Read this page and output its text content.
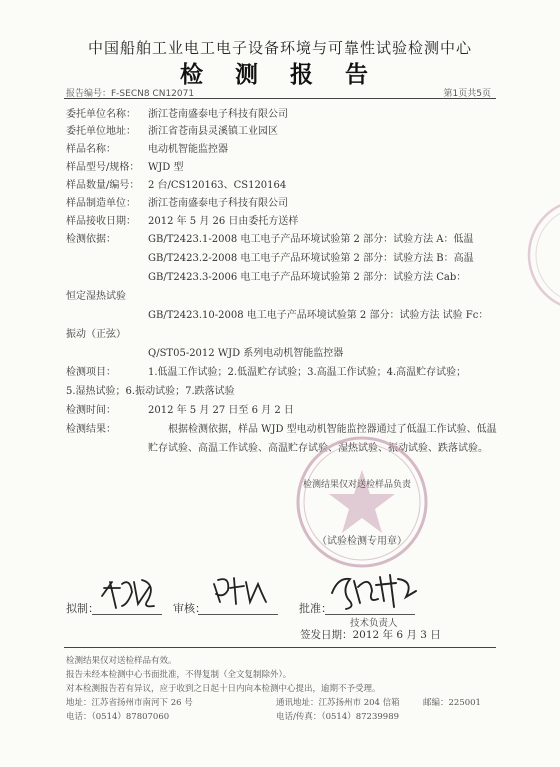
中国船舶工业电工电子设备环境与可靠性试验检测中心
检 测 报 告
报告编号：F-SECN8 CN12071	第1页共5页
委托单位名称： 浙江苍南盛泰电子科技有限公司
委托单位地址： 浙江省苍南县灵溪镇工业园区
样品名称：	电动机智能监控器
样品型号/规格： WJD 型
样品数量/编号： 2 台/CS120163、CS120164
样品制造单位： 浙江苍南盛泰电子科技有限公司
样品接收日期： 2012 年 5 月 26 日由委托方送样
检测依据：	GB/T2423.1-2008 电工电子产品环境试验第 2 部分：试验方法 A：低温
GB/T2423.2-2008 电工电子产品环境试验第 2 部分：试验方法 B：高温
GB/T2423.3-2006 电工电子产品环境试验第 2 部分：试验方法 Cab：
恒定湿热试验
GB/T2423.10-2008 电工电子产品环境试验第 2 部分：试验方法 试验 Fc：
振动（正弦）
Q/ST05-2012 WJD 系列电动机智能监控器
检测项目：	1.低温工作试验；2.低温贮存试验；3.高温工作试验；4.高温贮存试验；
5.湿热试验；6.振动试验；7.跌落试验
检测时间：	2012 年 5 月 27 日至 6 月 2 日
检测结果：	根据检测依据，样品 WJD 型电动机智能监控器通过了低温工作试验、低温贮存试验、高温工作试验、高温贮存试验、湿热试验、振动试验、跌落试验。
检测结果仅对送检样品负责
（试验检测专用章）
拟制：	审核：	批准：
技术负责人
签发日期：2012 年 6 月 3 日
检测结果仅对送检样品有效。
报告未经本检测中心书面批准，不得复制（全文复制除外）。
对本检测报告若有异议，应于收到之日起十日内向本检测中心提出，逾期不予受理。
地址：江苏省扬州市南河下 26 号	通讯地址：江苏扬州市 204 信箱	邮编：225001
电话：（0514）87807060	电话/传真：（0514）87239989
